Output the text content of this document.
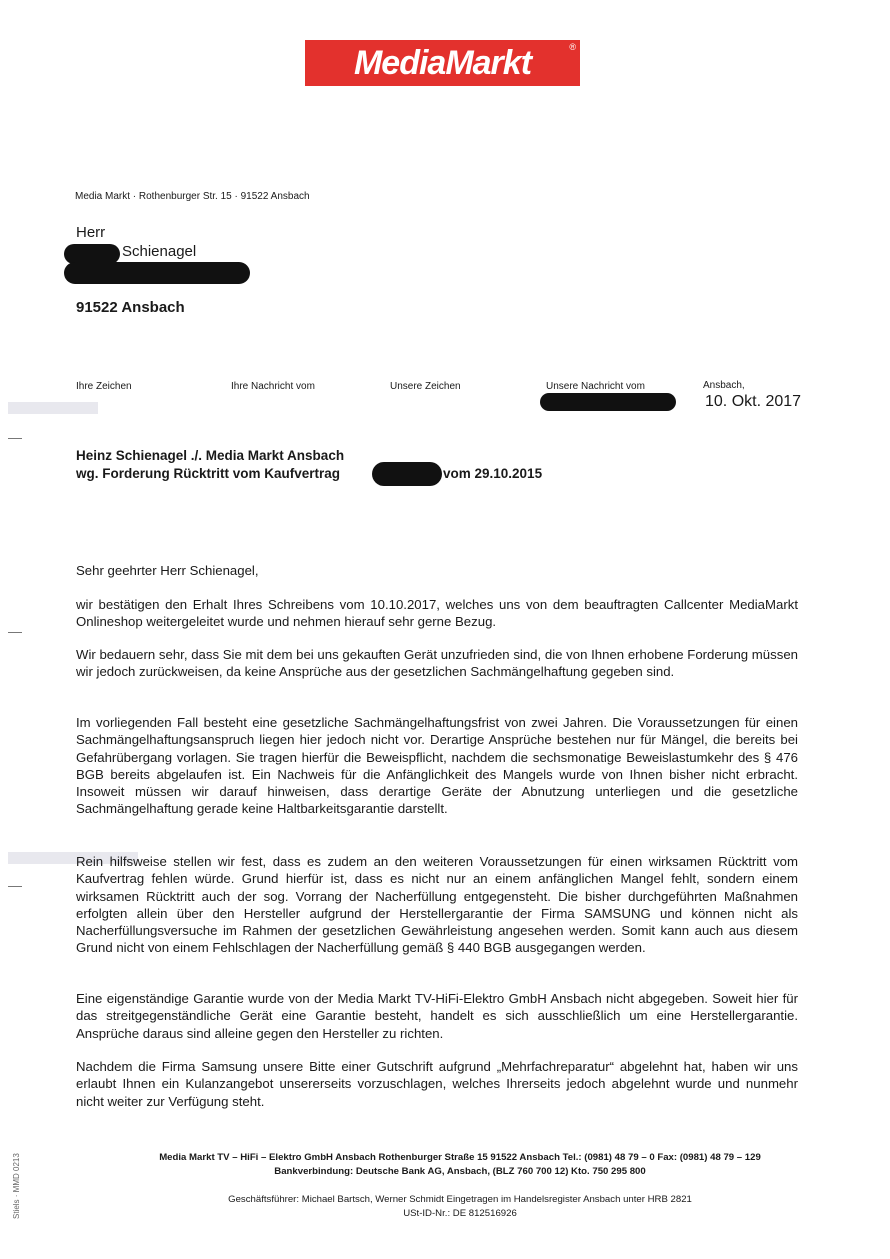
MediaMarkt	®
Media Markt · Rothenburger Str. 15 · 91522 Ansbach
Herr
Schienagel
91522 Ansbach
Ihre Zeichen	Ihre Nachricht vom	Unsere Zeichen	Unsere Nachricht vom	Ansbach,
10. Okt. 2017
Heinz Schienagel ./. Media Markt Ansbach
wg. Forderung Rücktritt vom Kaufvertrag	vom 29.10.2015
Sehr geehrter Herr Schienagel,

wir bestätigen den Erhalt Ihres Schreibens vom 10.10.2017, welches uns von dem beauftragten Callcenter MediaMarkt Onlineshop weitergeleitet wurde und nehmen hierauf sehr gerne Bezug.

Wir bedauern sehr, dass Sie mit dem bei uns gekauften Gerät unzufrieden sind, die von Ihnen erhobene Forderung müssen wir jedoch zurückweisen, da keine Ansprüche aus der gesetzlichen Sachmängelhaftung gegeben sind.

Im vorliegenden Fall besteht eine gesetzliche Sachmängelhaftungsfrist von zwei Jahren. Die Voraussetzungen für einen Sachmängelhaftungsanspruch liegen hier jedoch nicht vor. Derartige Ansprüche bestehen nur für Mängel, die bereits bei Gefahrübergang vorlagen. Sie tragen hierfür die Beweispflicht, nachdem die sechsmonatige Beweislastumkehr des § 476 BGB bereits abgelaufen ist. Ein Nachweis für die Anfänglichkeit des Mangels wurde von Ihnen bisher nicht erbracht. Insoweit müssen wir darauf hinweisen, dass derartige Geräte der Abnutzung unterliegen und die gesetzliche Sachmängelhaftung gerade keine Haltbarkeitsgarantie darstellt.

Rein hilfsweise stellen wir fest, dass es zudem an den weiteren Voraussetzungen für einen wirksamen Rücktritt vom Kaufvertrag fehlen würde. Grund hierfür ist, dass es nicht nur an einem anfänglichen Mangel fehlt, sondern einem wirksamen Rücktritt auch der sog. Vorrang der Nacherfüllung entgegensteht. Die bisher durchgeführten Maßnahmen erfolgten allein über den Hersteller aufgrund der Herstellergarantie der Firma SAMSUNG und können nicht als Nacherfüllungsversuche im Rahmen der gesetzlichen Gewährleistung angesehen werden. Somit kann auch aus diesem Grund nicht von einem Fehlschlagen der Nacherfüllung gemäß § 440 BGB ausgegangen werden.

Eine eigenständige Garantie wurde von der Media Markt TV-HiFi-Elektro GmbH Ansbach nicht abgegeben. Soweit hier für das streitgegenständliche Gerät eine Garantie besteht, handelt es sich ausschließlich um eine Herstellergarantie. Ansprüche daraus sind alleine gegen den Hersteller zu richten.

Nachdem die Firma Samsung unsere Bitte einer Gutschrift aufgrund „Mehrfachreparatur“ abgelehnt hat, haben wir uns erlaubt Ihnen ein Kulanzangebot unsererseits vorzuschlagen, welches Ihrerseits jedoch abgelehnt wurde und nunmehr nicht weiter zur Verfügung steht.

Media Markt TV – HiFi – Elektro GmbH Ansbach Rothenburger Straße 15 91522 Ansbach Tel.: (0981) 48 79 – 0 Fax: (0981) 48 79 – 129
Bankverbindung: Deutsche Bank AG, Ansbach, (BLZ 760 700 12) Kto. 750 295 800
Geschäftsführer: Michael Bartsch, Werner Schmidt Eingetragen im Handelsregister Ansbach unter HRB 2821
USt-ID-Nr.: DE 812516926
Stiels · MMD 0213
